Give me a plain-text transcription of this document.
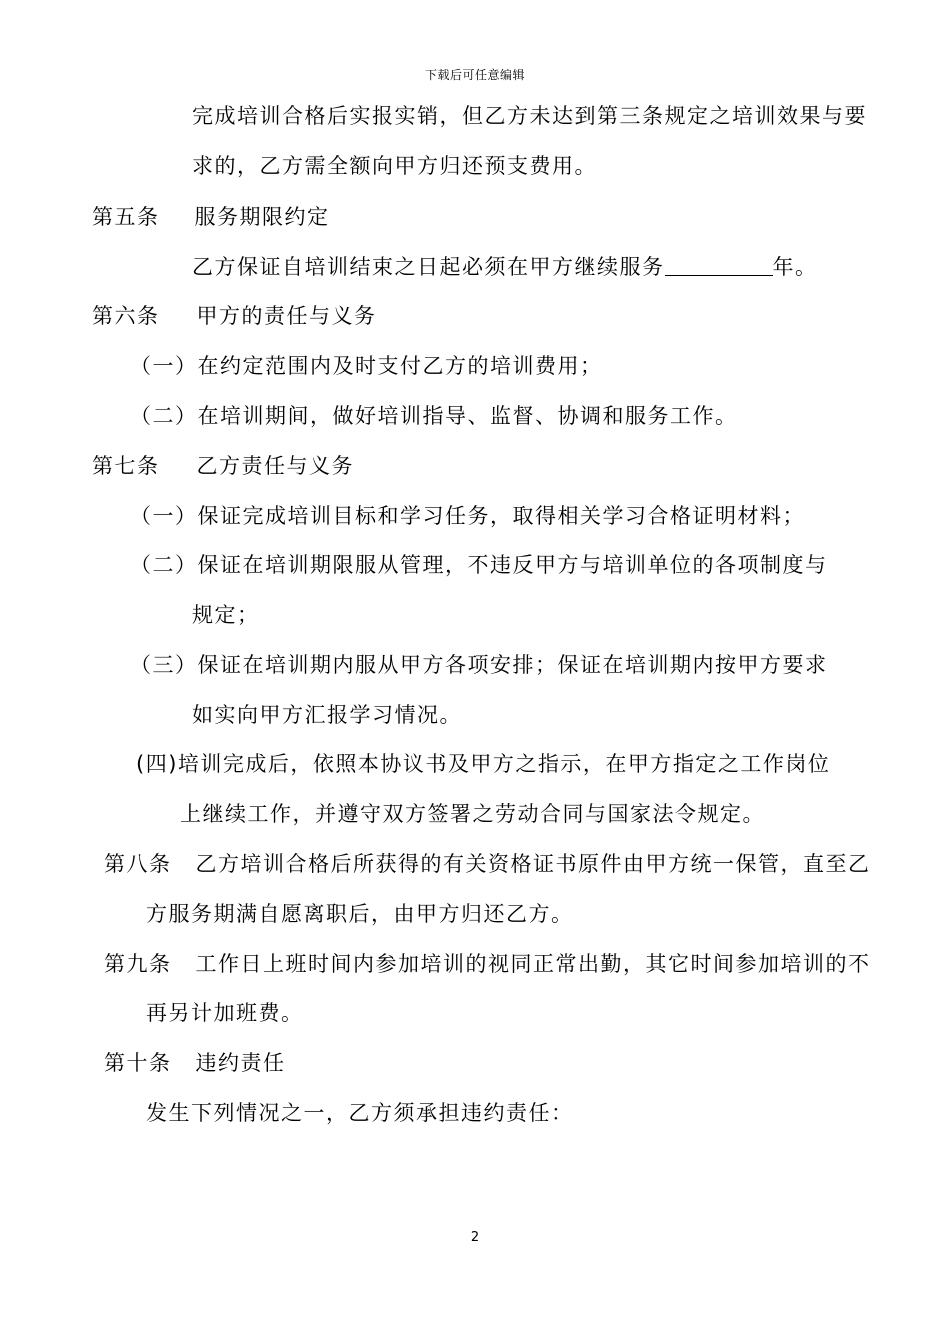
下载后可任意编辑
完成培训合格后实报实销，但乙方未达到第三条规定之培训效果与要
求的，乙方需全额向甲方归还预支费用。
第五条 服务期限约定
乙方保证自培训结束之日起必须在甲方继续服务	年。
第六条 甲方的责任与义务
（一）在约定范围内及时支付乙方的培训费用；
（二）在培训期间，做好培训指导、监督、协调和服务工作。
第七条 乙方责任与义务
（一）保证完成培训目标和学习任务，取得相关学习合格证明材料；
（二）保证在培训期限服从管理，不违反甲方与培训单位的各项制度与
规定；
（三）保证在培训期内服从甲方各项安排；保证在培训期内按甲方要求
如实向甲方汇报学习情况。
(四)培训完成后，依照本协议书及甲方之指示，在甲方指定之工作岗位
上继续工作，并遵守双方签署之劳动合同与国家法令规定。
第八条 乙方培训合格后所获得的有关资格证书原件由甲方统一保管，直至乙
方服务期满自愿离职后，由甲方归还乙方。
第九条 工作日上班时间内参加培训的视同正常出勤，其它时间参加培训的不
再另计加班费。
第十条 违约责任
发生下列情况之一，乙方须承担违约责任：
2
